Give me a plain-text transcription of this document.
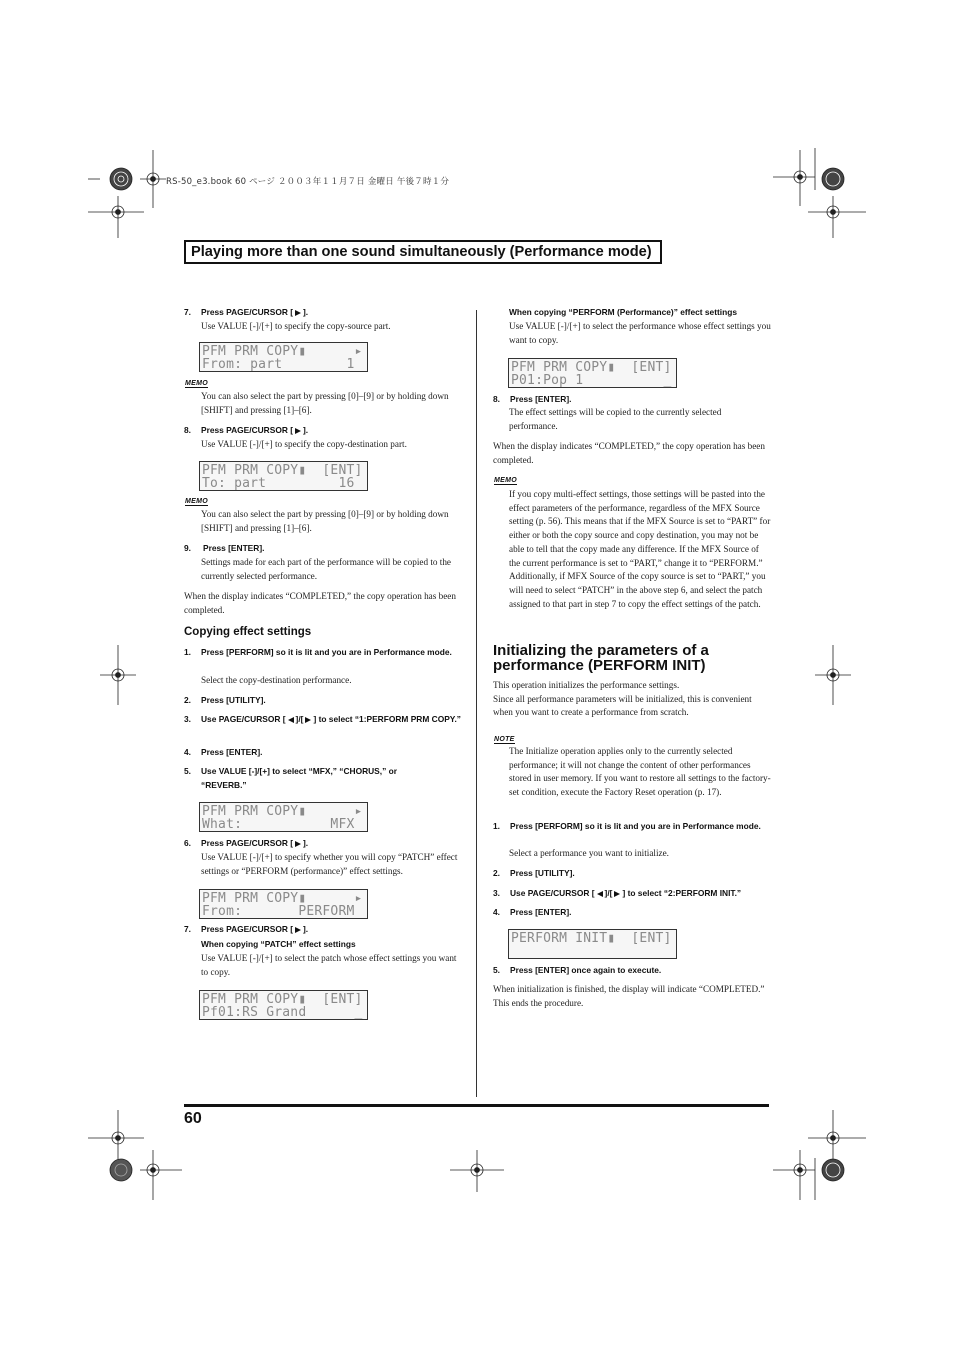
RS-50_e3.book 60 ページ ２００３年１１月７日 金曜日 午後７時１分
Playing more than one sound simultaneously (Performance mode)
7. Press PAGE/CURSOR [ ].
Use VALUE [-]/[+] to specify the copy-source part.
PFM PRM COPY▮      ▸
From: part        1
MEMO
You can also select the part by pressing [0]–[9] or by holding down [SHIFT] and pressing [1]–[6].
8. Press PAGE/CURSOR [ ].
Use VALUE [-]/[+] to specify the copy-destination part.
PFM PRM COPY▮  [ENT]
To: part         16
MEMO
You can also select the part by pressing [0]–[9] or by holding down [SHIFT] and pressing [1]–[6].
9. Press [ENTER].
Settings made for each part of the performance will be copied to the currently selected performance.
When the display indicates “COMPLETED,” the copy operation has been completed.
Copying effect settings
1. Press [PERFORM] so it is lit and you are in Performance mode.
Select the copy-destination performance.
2. Press [UTILITY].
3. Use PAGE/CURSOR [ ]/[ ] to select “1:PERFORM PRM COPY.”
4. Press [ENTER].
5. Use VALUE [-]/[+] to select “MFX,” “CHORUS,” or “REVERB.”
PFM PRM COPY▮      ▸
What:           MFX
6. Press PAGE/CURSOR [ ].
Use VALUE [-]/[+] to specify whether you will copy “PATCH” effect settings or “PERFORM (performance)” effect settings.
PFM PRM COPY▮      ▸
From:       PERFORM
7. Press PAGE/CURSOR [ ].
When copying “PATCH” effect settings
Use VALUE [-]/[+] to select the patch whose effect settings you want to copy.
PFM PRM COPY▮  [ENT]
Pf01:RS Grand      _
When copying “PERFORM (Performance)” effect settings
Use VALUE [-]/[+] to select the performance whose effect settings you want to copy.
PFM PRM COPY▮  [ENT]
P01:Pop 1          _
8. Press [ENTER].
The effect settings will be copied to the currently selected performance.
When the display indicates “COMPLETED,” the copy operation has been completed.
MEMO
If you copy multi-effect settings, those settings will be pasted into the effect parameters of the performance, regardless of the MFX Source setting (p. 56). This means that if the MFX Source is set to “PART” for either or both the copy source and copy destination, you may not be able to tell that the copy made any difference. If the MFX Source of the current performance is set to “PART,” change it to “PERFORM.” Additionally, if MFX Source of the copy source is set to “PART,” you will need to select “PATCH” in the above step 6, and select the patch assigned to that part in step 7 to copy the effect settings of the patch.
Initializing the parameters of a
performance (PERFORM INIT)
This operation initializes the performance settings.
Since all performance parameters will be initialized, this is convenient when you want to create a performance from scratch.
NOTE
The Initialize operation applies only to the currently selected performance; it will not change the content of other performances stored in user memory. If you want to restore all settings to the factory-set condition, execute the Factory Reset operation (p. 17).
1. Press [PERFORM] so it is lit and you are in Performance mode.
Select a performance you want to initialize.
2. Press [UTILITY].
3. Use PAGE/CURSOR [ ]/[ ] to select “2:PERFORM INIT.”
4. Press [ENTER].
PERFORM INIT▮  [ENT]
5. Press [ENTER] once again to execute.
When initialization is finished, the display will indicate “COMPLETED.” This ends the procedure.
60
